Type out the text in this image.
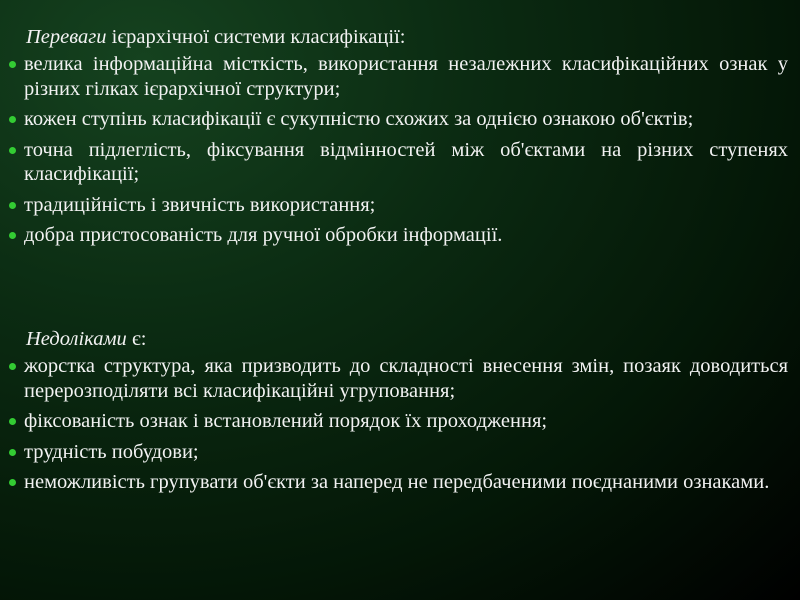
Переваги ієрархічної системи класифікації:

велика інформаційна місткість, використання незалежних класифікаційних ознак у різних гілках ієрархічної структури;
кожен ступінь класифікації є сукупністю схожих за однією ознакою об'єктів;
точна підлеглість, фіксування відмінностей між об'єктами на різних ступенях класифікації;
традиційність і звичність використання;
добра пристосованість для ручної обробки інформації.

Недоліками є:

жорстка структура, яка призводить до складності внесення змін, позаяк доводиться перерозподіляти всі класифікаційні угруповання;
фіксованість ознак і встановлений порядок їх проходження;
трудність побудови;
неможливість групувати об'єкти за наперед не передбаченими поєднаними ознаками.
